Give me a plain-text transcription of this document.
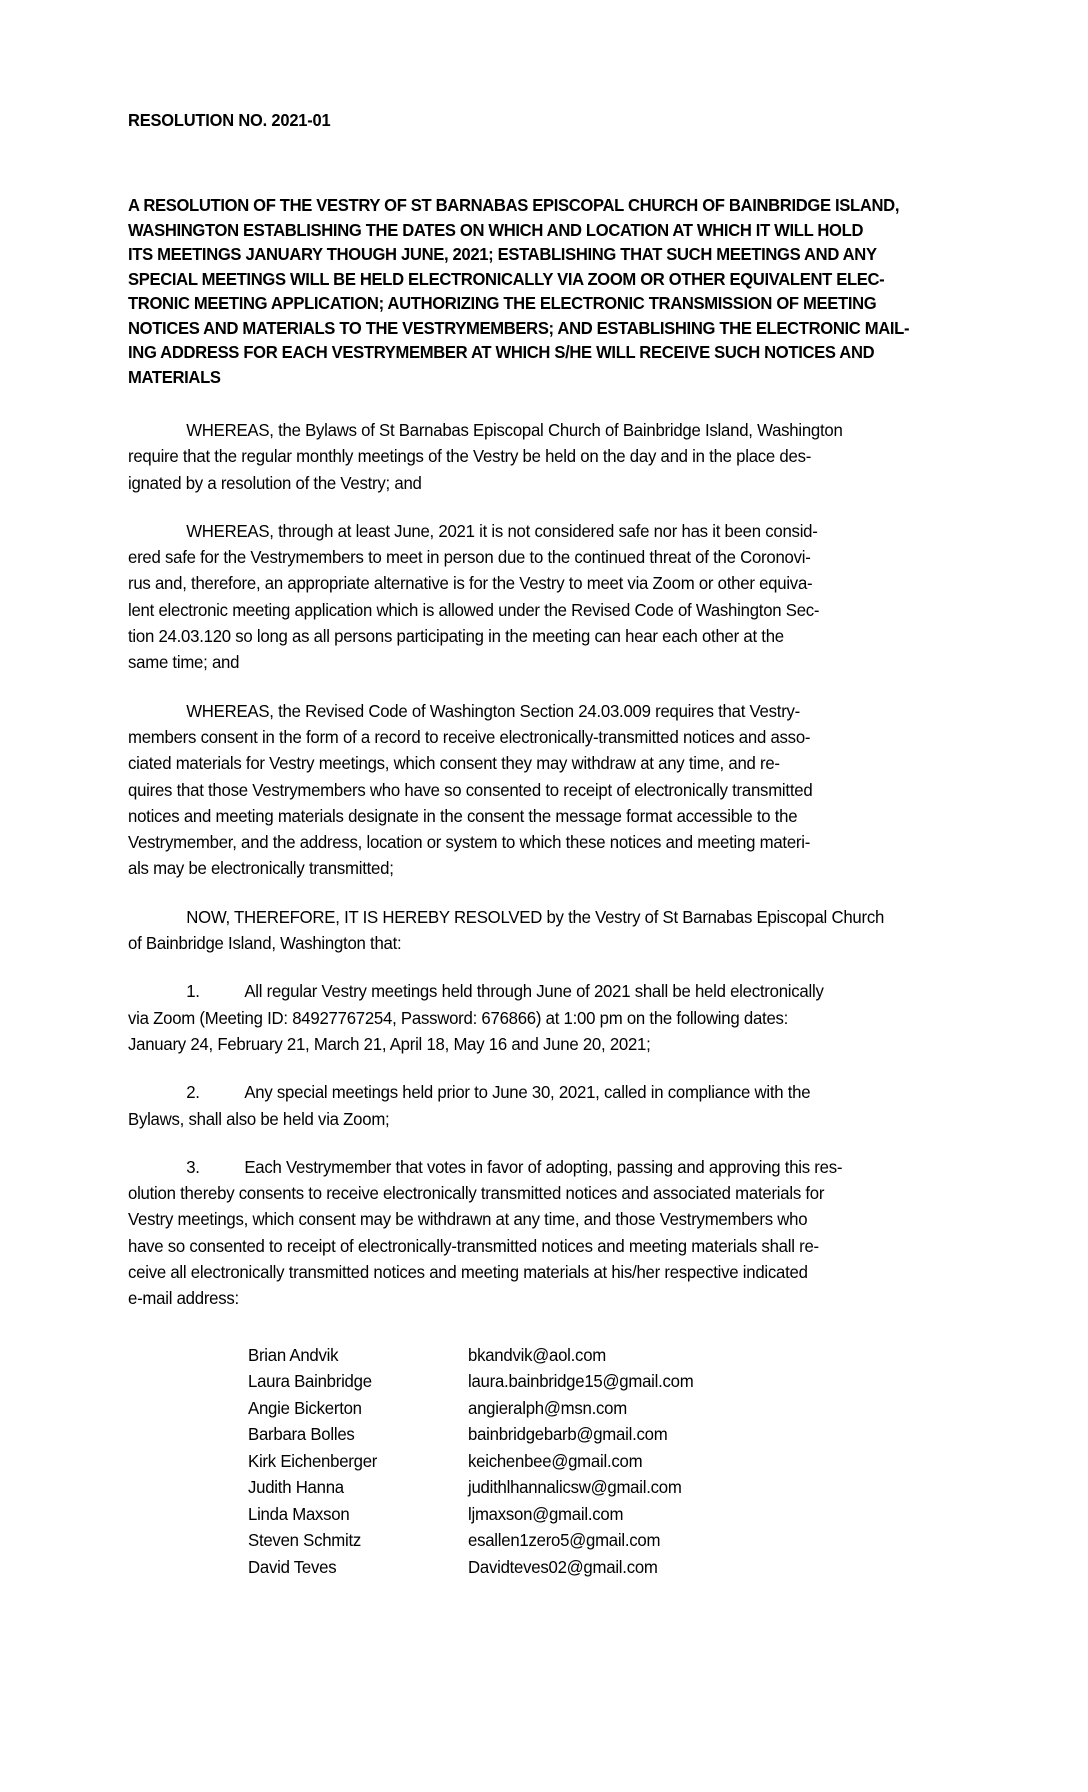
RESOLUTION NO. 2021-01
A RESOLUTION OF THE VESTRY OF ST BARNABAS EPISCOPAL CHURCH OF BAINBRIDGE ISLAND,
WASHINGTON ESTABLISHING THE DATES ON WHICH AND LOCATION AT WHICH IT WILL HOLD
ITS MEETINGS JANUARY THOUGH JUNE, 2021; ESTABLISHING THAT SUCH MEETINGS AND ANY
SPECIAL MEETINGS WILL BE HELD ELECTRONICALLY VIA ZOOM OR OTHER EQUIVALENT ELEC-
TRONIC MEETING APPLICATION; AUTHORIZING THE ELECTRONIC TRANSMISSION OF MEETING
NOTICES AND MATERIALS TO THE VESTRYMEMBERS; AND ESTABLISHING THE ELECTRONIC MAIL-
ING ADDRESS FOR EACH VESTRYMEMBER AT WHICH S/HE WILL RECEIVE SUCH NOTICES AND
MATERIALS

WHEREAS, the Bylaws of St Barnabas Episcopal Church of Bainbridge Island, Washington
require that the regular monthly meetings of the Vestry be held on the day and in the place des-
ignated by a resolution of the Vestry; and

WHEREAS, through at least June, 2021 it is not considered safe nor has it been consid-
ered safe for the Vestrymembers to meet in person due to the continued threat of the Coronovi-
rus and, therefore, an appropriate alternative is for the Vestry to meet via Zoom or other equiva-
lent electronic meeting application which is allowed under the Revised Code of Washington Sec-
tion 24.03.120 so long as all persons participating in the meeting can hear each other at the
same time; and

WHEREAS, the Revised Code of Washington Section 24.03.009 requires that Vestry-
members consent in the form of a record to receive electronically-transmitted notices and asso-
ciated materials for Vestry meetings, which consent they may withdraw at any time, and re-
quires that those Vestrymembers who have so consented to receipt of electronically transmitted
notices and meeting materials designate in the consent the message format accessible to the
Vestrymember, and the address, location or system to which these notices and meeting materi-
als may be electronically transmitted;

NOW, THEREFORE, IT IS HEREBY RESOLVED by the Vestry of St Barnabas Episcopal Church
of Bainbridge Island, Washington that:

1.	All regular Vestry meetings held through June of 2021 shall be held electronically
via Zoom (Meeting ID: 84927767254, Password: 676866) at 1:00 pm on the following dates:
January 24, February 21, March 21, April 18, May 16 and June 20, 2021;

2.	Any special meetings held prior to June 30, 2021, called in compliance with the
Bylaws, shall also be held via Zoom;

3.	Each Vestrymember that votes in favor of adopting, passing and approving this res-
olution thereby consents to receive electronically transmitted notices and associated materials for
Vestry meetings, which consent may be withdrawn at any time, and those Vestrymembers who
have so consented to receipt of electronically-transmitted notices and meeting materials shall re-
ceive all electronically transmitted notices and meeting materials at his/her respective indicated
e-mail address:

Brian Andvik	bkandvik@aol.com
Laura Bainbridge	laura.bainbridge15@gmail.com
Angie Bickerton	angieralph@msn.com
Barbara Bolles	bainbridgebarb@gmail.com
Kirk Eichenberger	keichenbee@gmail.com
Judith Hanna	judithlhannalicsw@gmail.com
Linda Maxson	ljmaxson@gmail.com
Steven Schmitz	esallen1zero5@gmail.com
David Teves	Davidteves02@gmail.com
